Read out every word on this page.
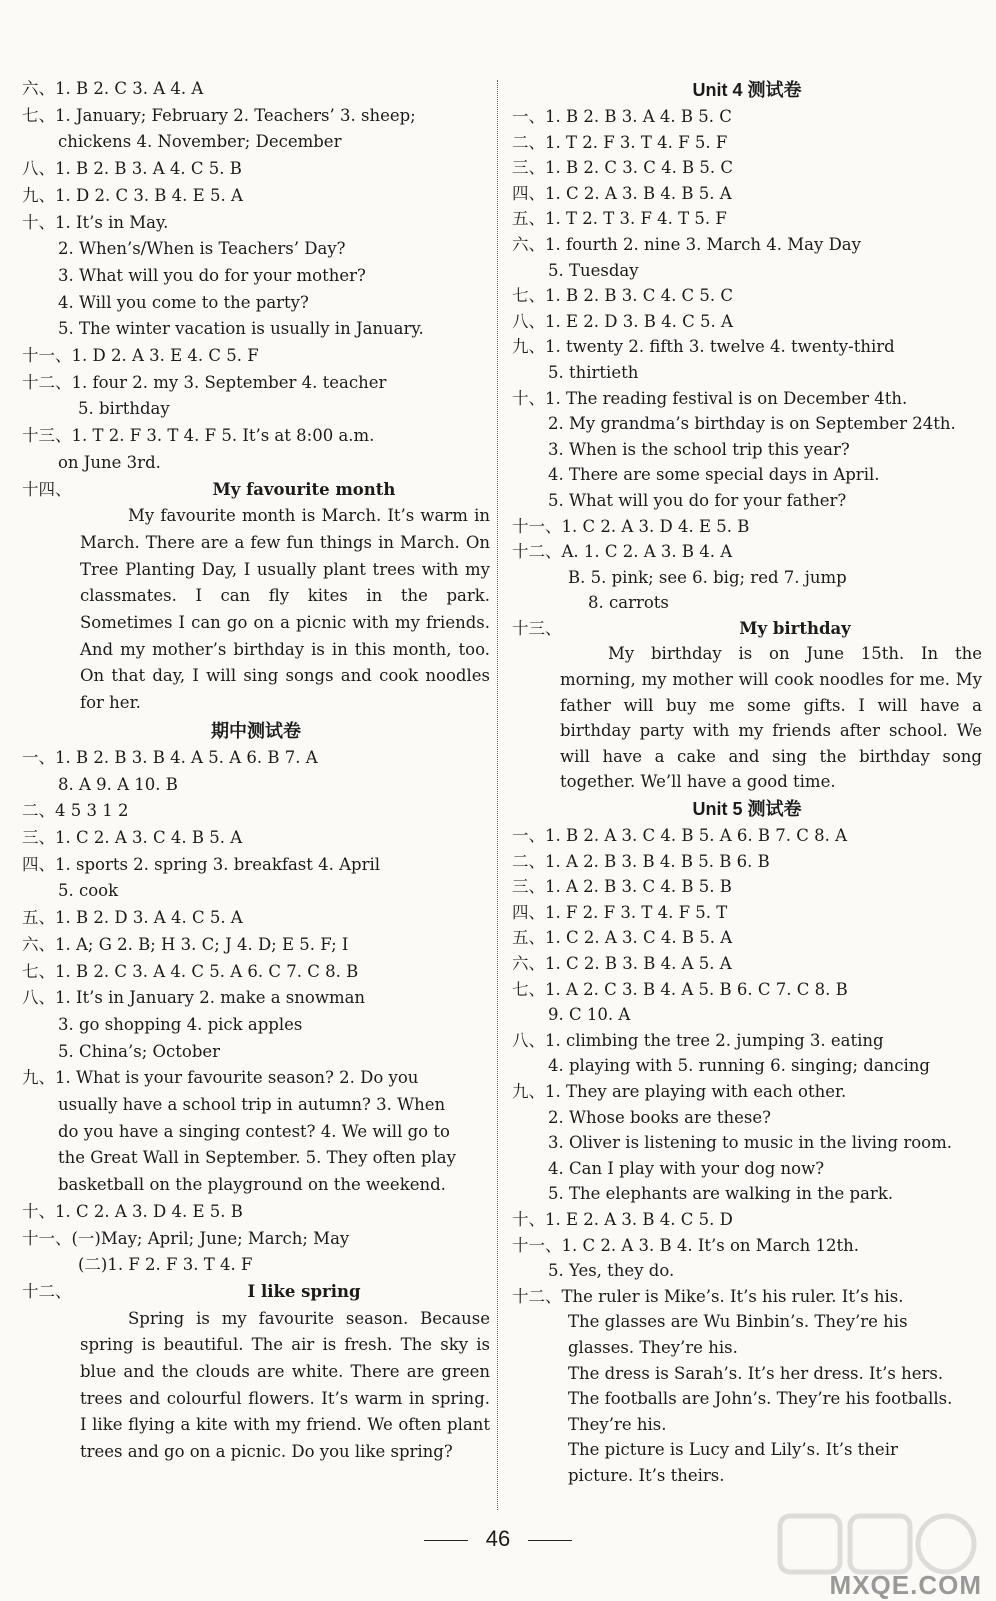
六、1. B 2. C 3. A 4. A
七、1. January; February 2. Teachers’ 3. sheep;
chickens 4. November; December
八、1. B 2. B 3. A 4. C 5. B
九、1. D 2. C 3. B 4. E 5. A
十、1. It’s in May.
2. When’s/When is Teachers’ Day?
3. What will you do for your mother?
4. Will you come to the party?
5. The winter vacation is usually in January.
十一、1. D 2. A 3. E 4. C 5. F
十二、1. four 2. my 3. September 4. teacher
5. birthday
十三、1. T 2. F 3. T 4. F 5. It’s at 8:00 a.m.
on June 3rd.
十四、	My favourite month
My favourite month is March. It’s warm in March. There are a few fun things in March. On Tree Planting Day, I usually plant trees with my classmates. I can fly kites in the park. Sometimes I can go on a picnic with my friends. And my mother’s birthday is in this month, too. On that day, I will sing songs and cook noodles for her.
期中测试卷
一、1. B 2. B 3. B 4. A 5. A 6. B 7. A
8. A 9. A 10. B
二、4 5 3 1 2
三、1. C 2. A 3. C 4. B 5. A
四、1. sports 2. spring 3. breakfast 4. April
5. cook
五、1. B 2. D 3. A 4. C 5. A
六、1. A; G 2. B; H 3. C; J 4. D; E 5. F; I
七、1. B 2. C 3. A 4. C 5. A 6. C 7. C 8. B
八、1. It’s in January 2. make a snowman
3. go shopping 4. pick apples
5. China’s; October
九、1. What is your favourite season? 2. Do you
usually have a school trip in autumn? 3. When
do you have a singing contest? 4. We will go to
the Great Wall in September. 5. They often play
basketball on the playground on the weekend.
十、1. C 2. A 3. D 4. E 5. B
十一、(一)May; April; June; March; May
(二)1. F 2. F 3. T 4. F
十二、	I like spring
Spring is my favourite season. Because spring is beautiful. The air is fresh. The sky is blue and the clouds are white. There are green trees and colourful flowers. It’s warm in spring. I like flying a kite with my friend. We often plant trees and go on a picnic. Do you like spring?
Unit 4 测试卷
一、1. B 2. B 3. A 4. B 5. C
二、1. T 2. F 3. T 4. F 5. F
三、1. B 2. C 3. C 4. B 5. C
四、1. C 2. A 3. B 4. B 5. A
五、1. T 2. T 3. F 4. T 5. F
六、1. fourth 2. nine 3. March 4. May Day
5. Tuesday
七、1. B 2. B 3. C 4. C 5. C
八、1. E 2. D 3. B 4. C 5. A
九、1. twenty 2. fifth 3. twelve 4. twenty-third
5. thirtieth
十、1. The reading festival is on December 4th.
2. My grandma’s birthday is on September 24th.
3. When is the school trip this year?
4. There are some special days in April.
5. What will you do for your father?
十一、1. C 2. A 3. D 4. E 5. B
十二、A. 1. C 2. A 3. B 4. A
B. 5. pink; see 6. big; red 7. jump
8. carrots
十三、	My birthday
My birthday is on June 15th. In the morning, my mother will cook noodles for me. My father will buy me some gifts. I will have a birthday party with my friends after school. We will have a cake and sing the birthday song together. We’ll have a good time.
Unit 5 测试卷
一、1. B 2. A 3. C 4. B 5. A 6. B 7. C 8. A
二、1. A 2. B 3. B 4. B 5. B 6. B
三、1. A 2. B 3. C 4. B 5. B
四、1. F 2. F 3. T 4. F 5. T
五、1. C 2. A 3. C 4. B 5. A
六、1. C 2. B 3. B 4. A 5. A
七、1. A 2. C 3. B 4. A 5. B 6. C 7. C 8. B
9. C 10. A
八、1. climbing the tree 2. jumping 3. eating
4. playing with 5. running 6. singing; dancing
九、1. They are playing with each other.
2. Whose books are these?
3. Oliver is listening to music in the living room.
4. Can I play with your dog now?
5. The elephants are walking in the park.
十、1. E 2. A 3. B 4. C 5. D
十一、1. C 2. A 3. B 4. It’s on March 12th.
5. Yes, they do.
十二、The ruler is Mike’s. It’s his ruler. It’s his.
The glasses are Wu Binbin’s. They’re his
glasses. They’re his.
The dress is Sarah’s. It’s her dress. It’s hers.
The footballs are John’s. They’re his footballs.
They’re his.
The picture is Lucy and Lily’s. It’s their
picture. It’s theirs.
46
MXQE.COM
